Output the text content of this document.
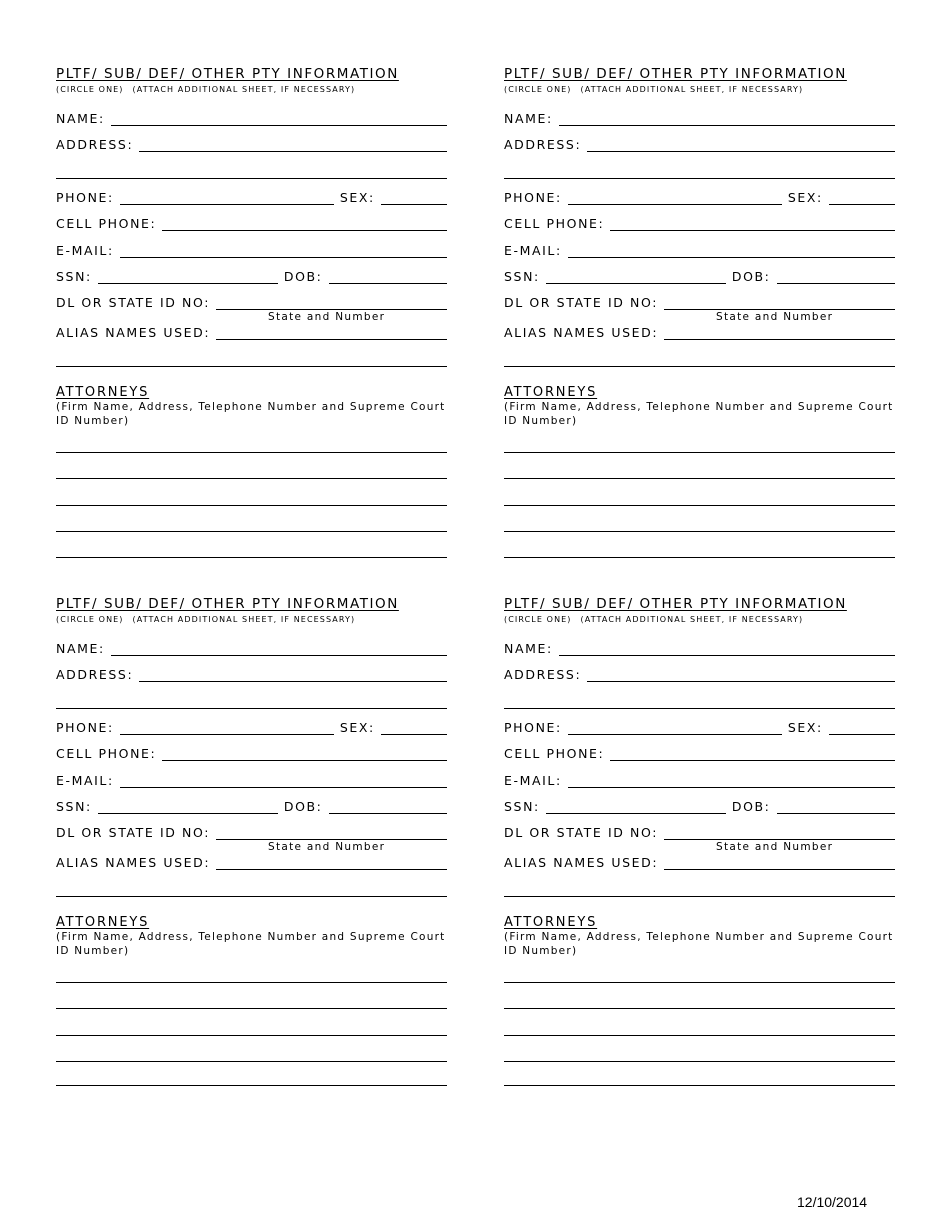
PLTF/ SUB/ DEF/ OTHER PTY INFORMATION
(CIRCLE ONE) (ATTACH ADDITIONAL SHEET, IF NECESSARY)
NAME:
ADDRESS:
PHONE:	SEX:
CELL PHONE:
E-MAIL:
SSN:	DOB:
DL OR STATE ID NO:
State and Number
ALIAS NAMES USED:
ATTORNEYS
(Firm Name, Address, Telephone Number and Supreme Court ID Number)
PLTF/ SUB/ DEF/ OTHER PTY INFORMATION
(CIRCLE ONE) (ATTACH ADDITIONAL SHEET, IF NECESSARY)
NAME:
ADDRESS:
PHONE:	SEX:
CELL PHONE:
E-MAIL:
SSN:	DOB:
DL OR STATE ID NO:
State and Number
ALIAS NAMES USED:
ATTORNEYS
(Firm Name, Address, Telephone Number and Supreme Court ID Number)
PLTF/ SUB/ DEF/ OTHER PTY INFORMATION
(CIRCLE ONE) (ATTACH ADDITIONAL SHEET, IF NECESSARY)
NAME:
ADDRESS:
PHONE:	SEX:
CELL PHONE:
E-MAIL:
SSN:	DOB:
DL OR STATE ID NO:
State and Number
ALIAS NAMES USED:
ATTORNEYS
(Firm Name, Address, Telephone Number and Supreme Court ID Number)
PLTF/ SUB/ DEF/ OTHER PTY INFORMATION
(CIRCLE ONE) (ATTACH ADDITIONAL SHEET, IF NECESSARY)
NAME:
ADDRESS:
PHONE:	SEX:
CELL PHONE:
E-MAIL:
SSN:	DOB:
DL OR STATE ID NO:
State and Number
ALIAS NAMES USED:
ATTORNEYS
(Firm Name, Address, Telephone Number and Supreme Court ID Number)
12/10/2014
